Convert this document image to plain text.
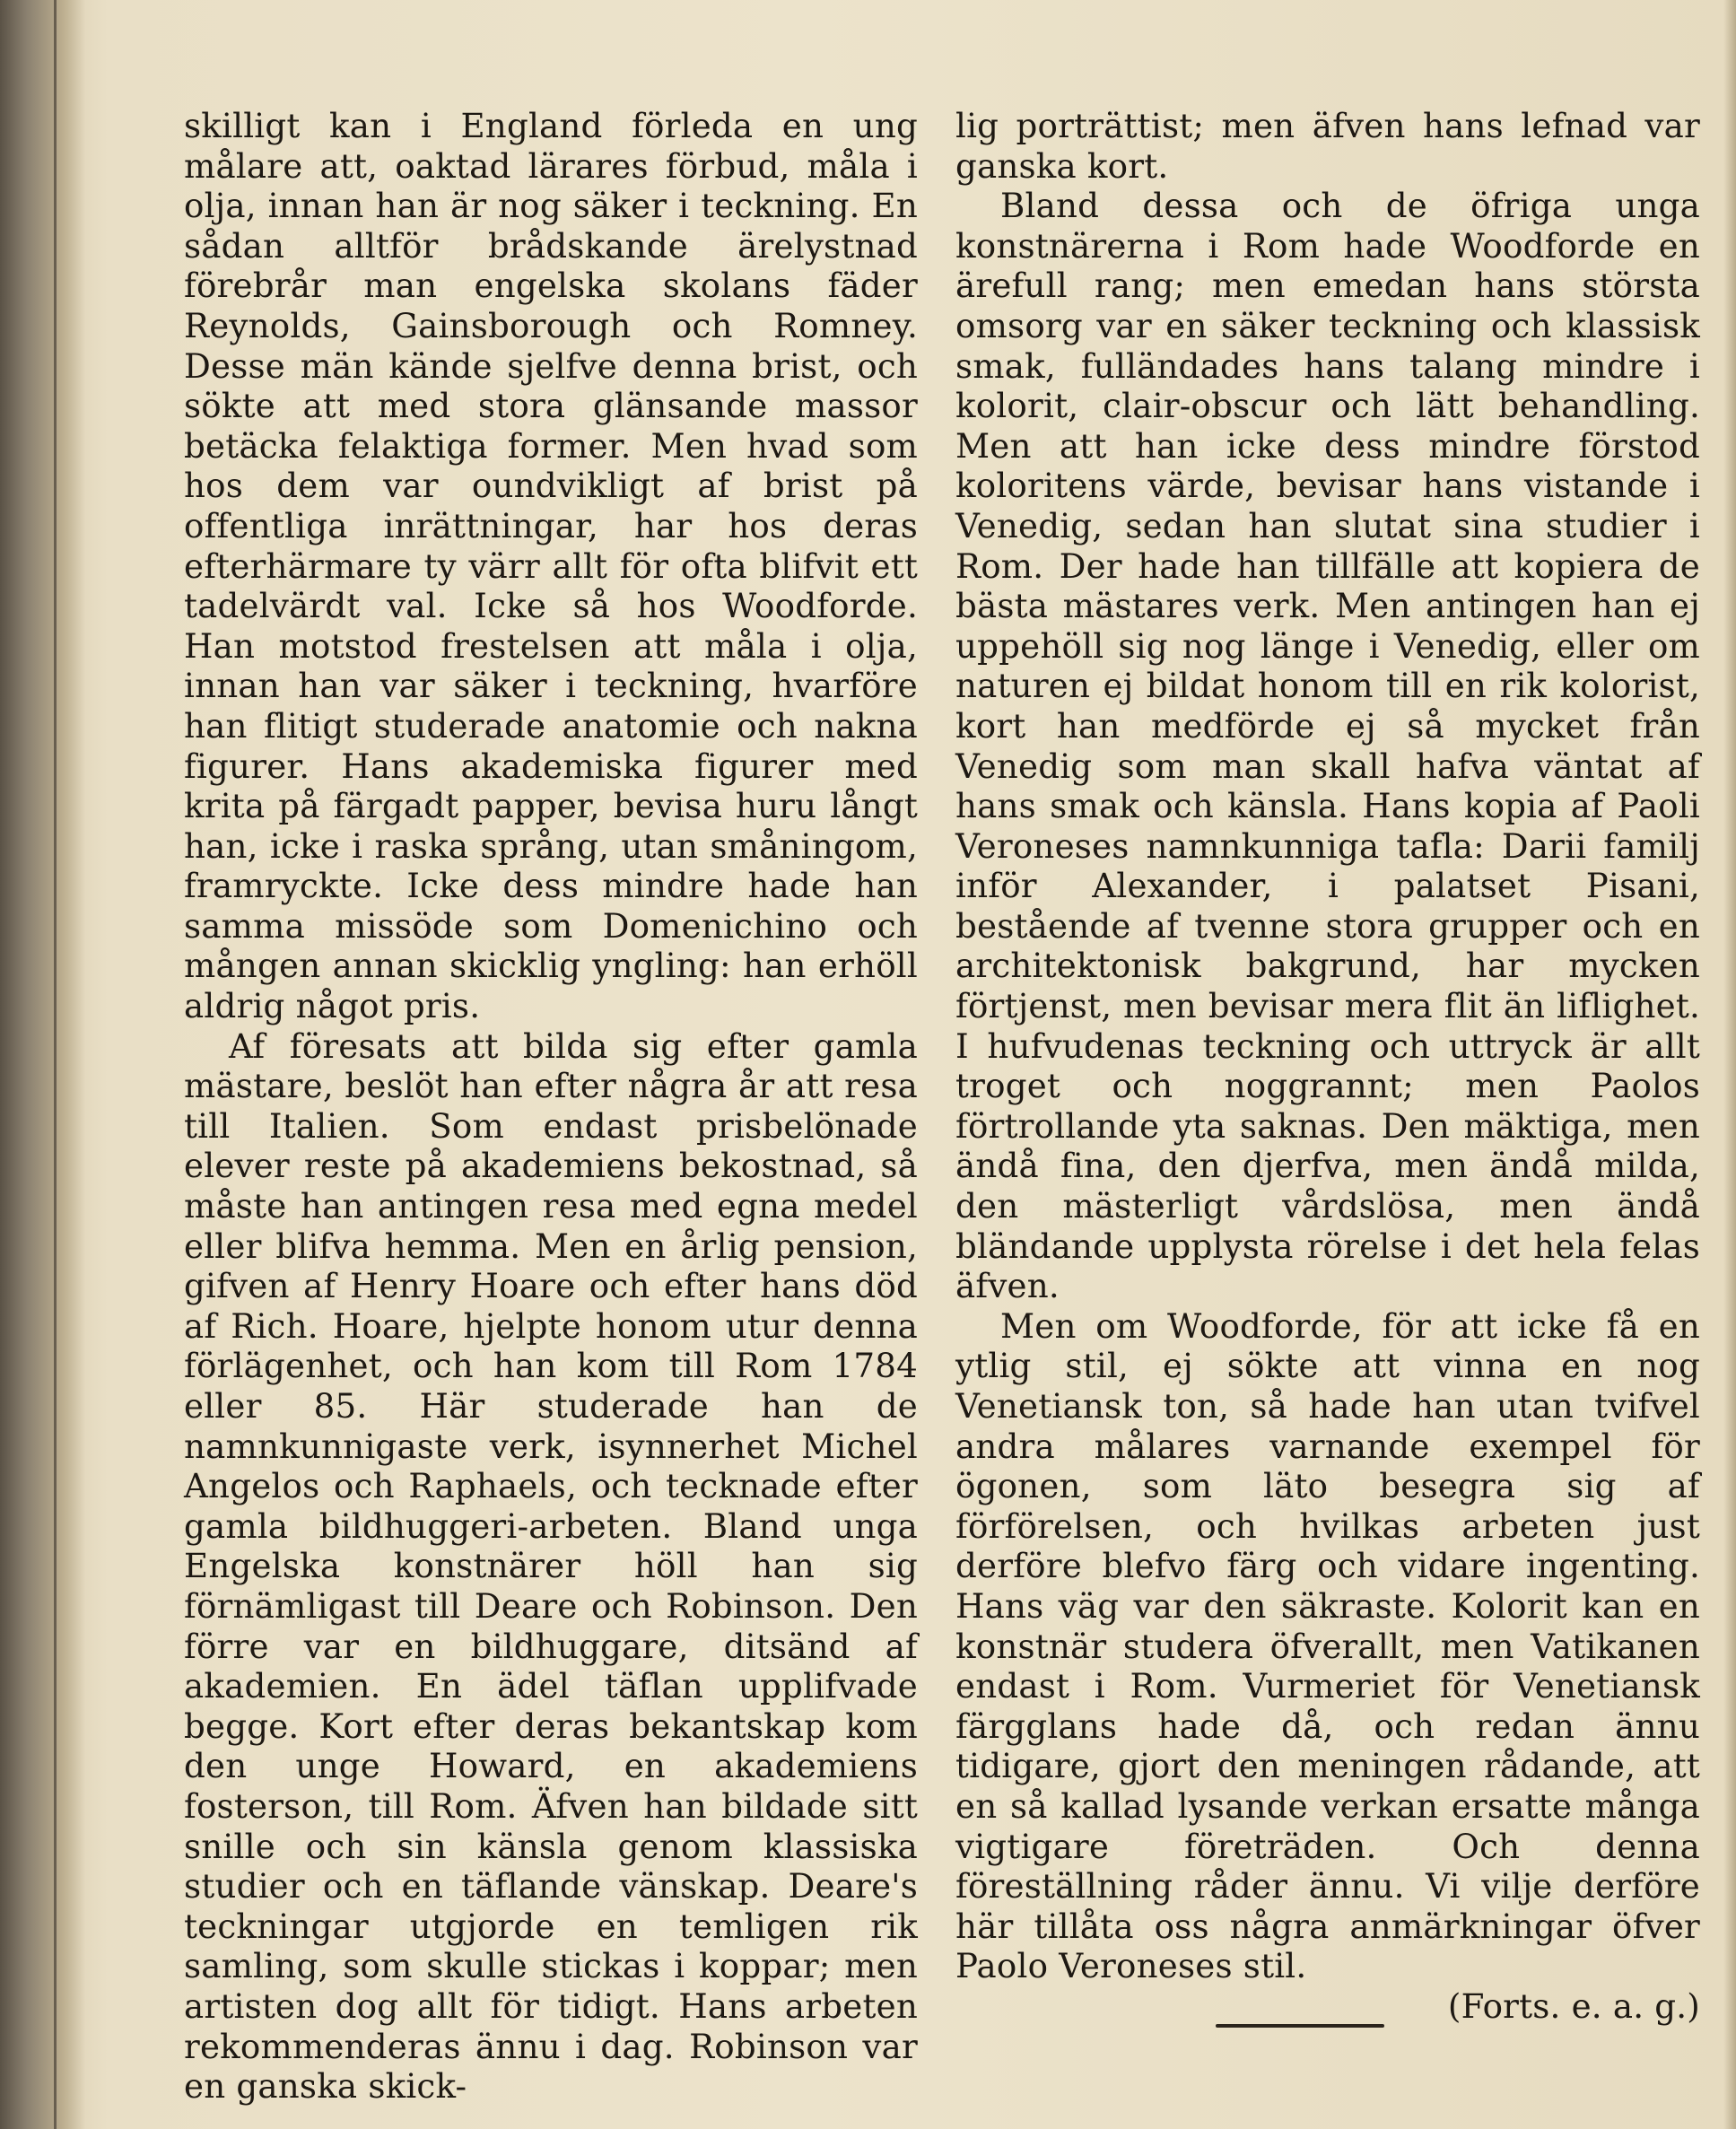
skilligt kan i England förleda en ung målare att, oaktad lärares förbud, måla i olja, innan han är nog säker i teckning. En sådan alltför brådskande ärelystnad förebrår man engelska skolans fäder Reynolds, Gainsborough och Romney. Desse män kände sjelfve denna brist, och sökte att med stora glänsande massor betäcka felaktiga former. Men hvad som hos dem var oundvikligt af brist på offentliga inrättningar, har hos deras efterhärmare ty värr allt för ofta blifvit ett tadelvärdt val. Icke så hos Woodforde. Han motstod frestelsen att måla i olja, innan han var säker i teckning, hvarföre han flitigt studerade anatomie och nakna figurer. Hans akademiska figurer med krita på färgadt papper, bevisa huru långt han, icke i raska språng, utan småningom, framryckte. Icke dess mindre hade han samma missöde som Domenichino och mången annan skicklig yngling: han erhöll aldrig något pris.

Af föresats att bilda sig efter gamla mästare, beslöt han efter några år att resa till Italien. Som endast prisbelönade elever reste på akademiens bekostnad, så måste han antingen resa med egna medel eller blifva hemma. Men en årlig pension, gifven af Henry Hoare och efter hans död af Rich. Hoare, hjelpte honom utur denna förlägenhet, och han kom till Rom 1784 eller 85. Här studerade han de namnkunnigaste verk, isynnerhet Michel Angelos och Raphaels, och tecknade efter gamla bildhuggeri-arbeten. Bland unga Engelska konstnärer höll han sig förnämligast till Deare och Robinson. Den förre var en bildhuggare, ditsänd af akademien. En ädel täflan upplifvade begge. Kort efter deras bekantskap kom den unge Howard, en akademiens fosterson, till Rom. Äfven han bildade sitt snille och sin känsla genom klassiska studier och en täflande vänskap. Deare's teckningar utgjorde en temligen rik samling, som skulle stickas i koppar; men artisten dog allt för tidigt. Hans arbeten rekommenderas ännu i dag. Robinson var en ganska skick-

lig porträttist; men äfven hans lefnad var ganska kort.

Bland dessa och de öfriga unga konstnärerna i Rom hade Woodforde en ärefull rang; men emedan hans största omsorg var en säker teckning och klassisk smak, fulländades hans talang mindre i kolorit, clair-obscur och lätt behandling. Men att han icke dess mindre förstod koloritens värde, bevisar hans vistande i Venedig, sedan han slutat sina studier i Rom. Der hade han tillfälle att kopiera de bästa mästares verk. Men antingen han ej uppehöll sig nog länge i Venedig, eller om naturen ej bildat honom till en rik kolorist, kort han medförde ej så mycket från Venedig som man skall hafva väntat af hans smak och känsla. Hans kopia af Paoli Veroneses namnkunniga tafla: Darii familj inför Alexander, i palatset Pisani, bestående af tvenne stora grupper och en architektonisk bakgrund, har mycken förtjenst, men bevisar mera flit än liflighet. I hufvudenas teckning och uttryck är allt troget och noggrannt; men Paolos förtrollande yta saknas. Den mäktiga, men ändå fina, den djerfva, men ändå milda, den mästerligt vårdslösa, men ändå bländande upplysta rörelse i det hela felas äfven.

Men om Woodforde, för att icke få en ytlig stil, ej sökte att vinna en nog Venetiansk ton, så hade han utan tvifvel andra målares varnande exempel för ögonen, som läto besegra sig af förförelsen, och hvilkas arbeten just derföre blefvo färg och vidare ingenting. Hans väg var den säkraste. Kolorit kan en konstnär studera öfverallt, men Vatikanen endast i Rom. Vurmeriet för Venetiansk färgglans hade då, och redan ännu tidigare, gjort den meningen rådande, att en så kallad lysande verkan ersatte många vigtigare företräden. Och denna föreställning råder ännu. Vi vilje derföre här tillåta oss några anmärkningar öfver Paolo Veroneses stil.

(Forts. e. a. g.)
